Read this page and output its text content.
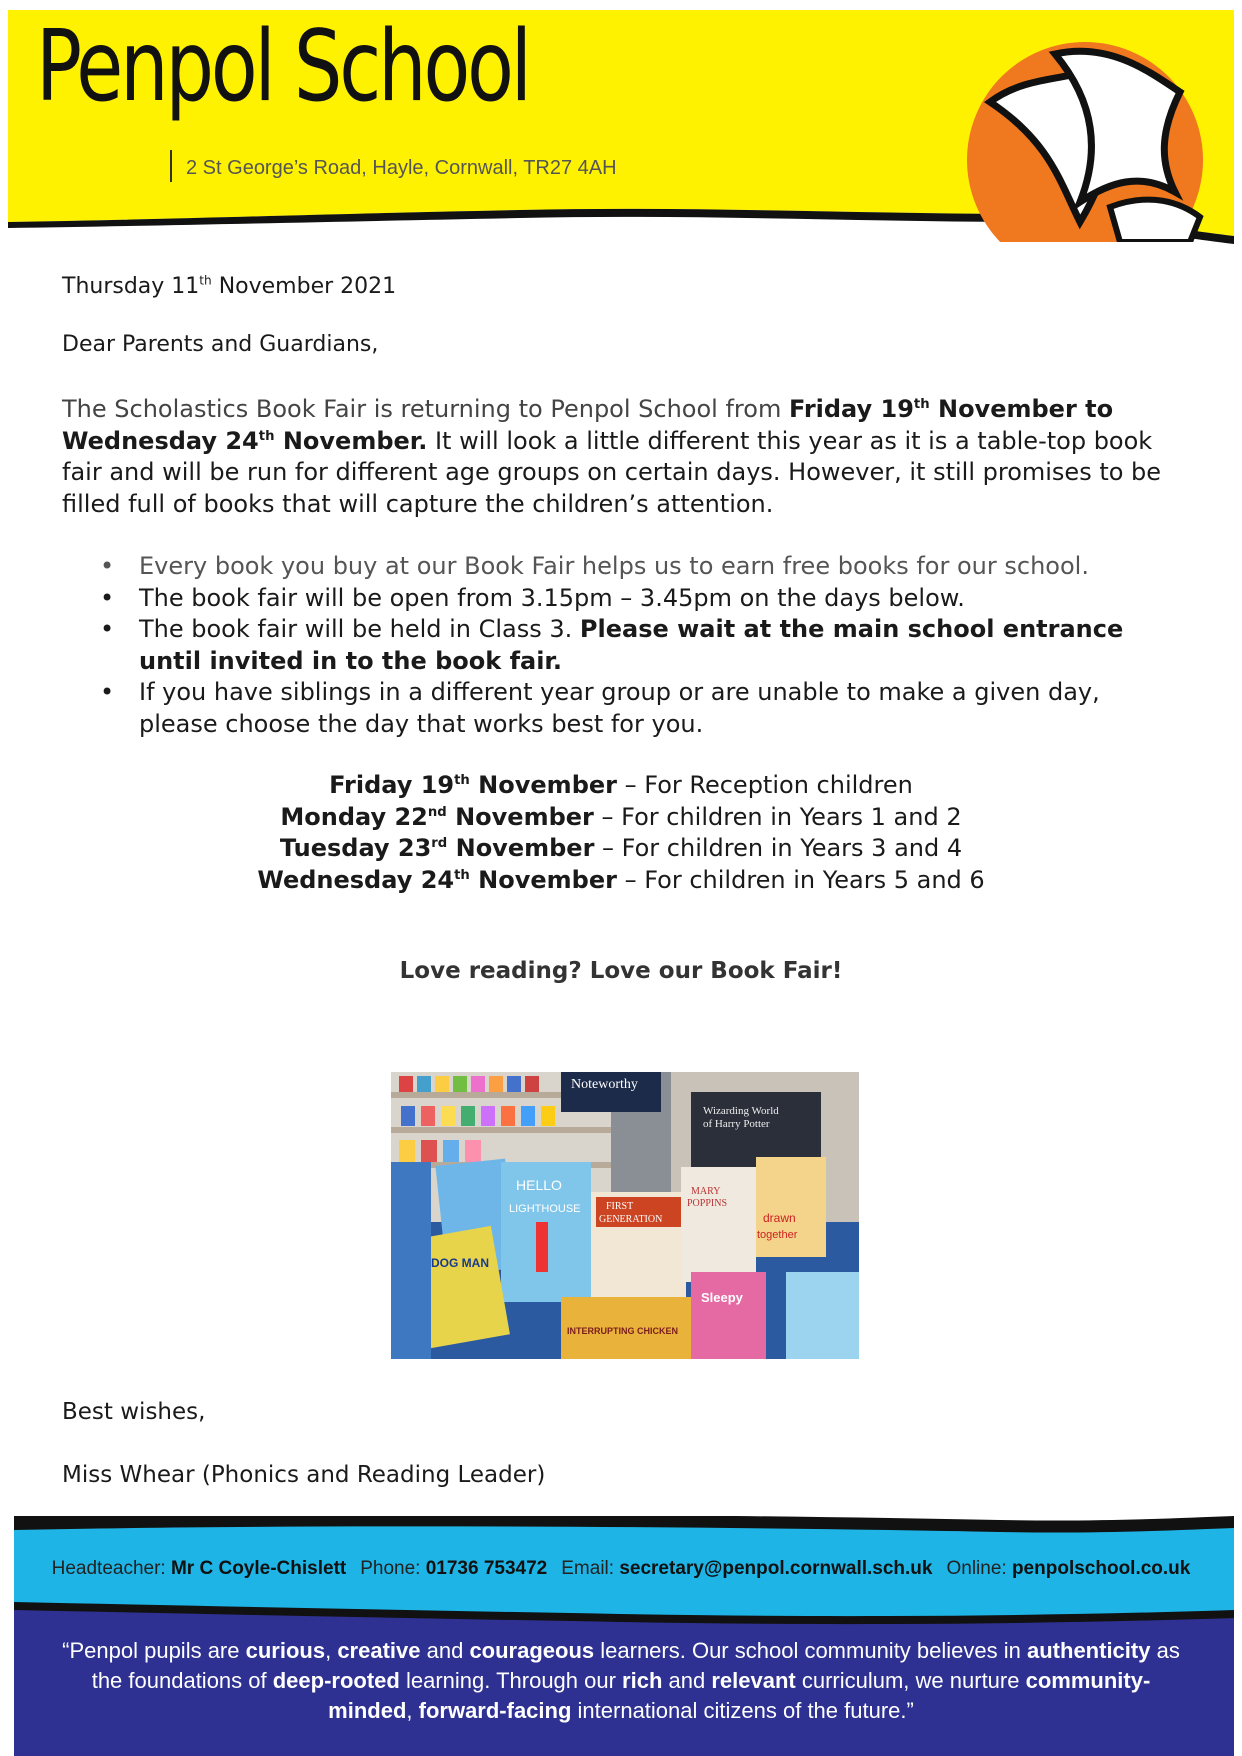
Penpol School
2 St George’s Road, Hayle, Cornwall, TR27 4AH
Thursday 11th November 2021
Dear Parents and Guardians,
The Scholastics Book Fair is returning to Penpol School from Friday 19th November to
Wednesday 24th November. It will look a little different this year as it is a table-top book fair and will be run for different age groups on certain days. However, it still promises to be filled full of books that will capture the children’s attention.
• Every book you buy at our Book Fair helps us to earn free books for our school.
• The book fair will be open from 3.15pm – 3.45pm on the days below.
• The book fair will be held in Class 3. Please wait at the main school entrance until invited in to the book fair.
• If you have siblings in a different year group or are unable to make a given day, please choose the day that works best for you.
Friday 19th November – For Reception children
Monday 22nd November – For children in Years 1 and 2
Tuesday 23rd November – For children in Years 3 and 4
Wednesday 24th November – For children in Years 5 and 6
Love reading? Love our Book Fair!
Noteworthy
Wizarding World
of Harry Potter
HELLO
LIGHTHOUSE	FIRST
GENERATION
MARY
POPPINS
drawn
together
DOG MAN
Sleepy
INTERRUPTING CHICKEN
Best wishes,
Miss Whear (Phonics and Reading Leader)
Headteacher: Mr C Coyle-Chislett Phone: 01736 753472 Email: secretary@penpol.cornwall.sch.uk Online: penpolschool.co.uk
“Penpol pupils are curious, creative and courageous learners. Our school community believes in authenticity as the foundations of deep-rooted learning. Through our rich and relevant curriculum, we nurture community-minded, forward-facing international citizens of the future.”
